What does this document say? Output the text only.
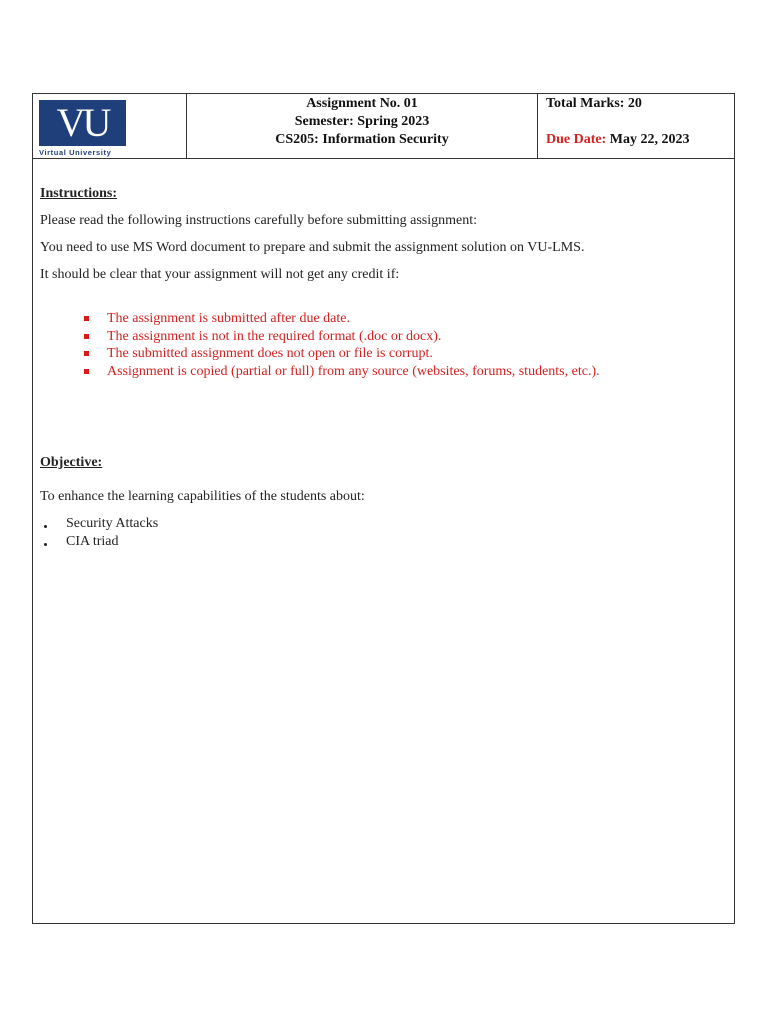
VU
Virtual University
Assignment No. 01
Semester: Spring 2023
CS205: Information Security
Total Marks: 20
Due Date: May 22, 2023
Instructions:
Please read the following instructions carefully before submitting assignment:
You need to use MS Word document to prepare and submit the assignment solution on VU-LMS.
It should be clear that your assignment will not get any credit if:
The assignment is submitted after due date.
The assignment is not in the required format (.doc or docx).
The submitted assignment does not open or file is corrupt.
Assignment is copied (partial or full) from any source (websites, forums, students, etc.).
Objective:
To enhance the learning capabilities of the students about:
Security Attacks
CIA triad
